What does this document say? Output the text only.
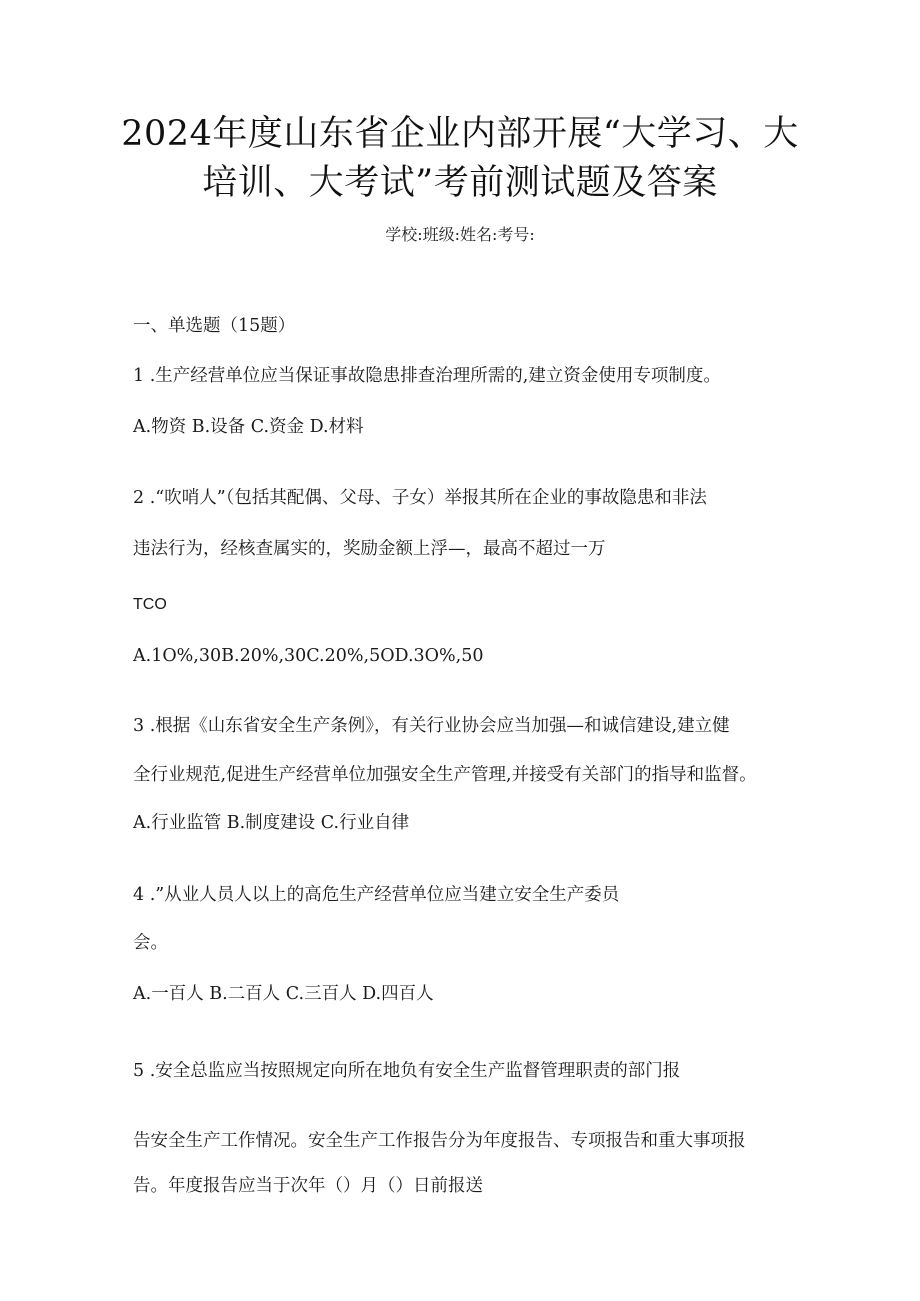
2024年度山东省企业内部开展“大学习、大
培训、大考试”考前测试题及答案
学校:班级:姓名:考号:
一、单选题（15题）
1 .生产经营单位应当保证事故隐患排查治理所需的,建立资金使用专项制度。
A.物资 B.设备 C.资金 D.材料
2 .“吹哨人”（包括其配偶、父母、子女）举报其所在企业的事故隐患和非法
违法行为，经核查属实的，奖励金额上浮—，最高不超过一万
TCO
A.1O%,30B.20%,30C.20%,5OD.3O%,50
3 .根据《山东省安全生产条例》，有关行业协会应当加强—和诚信建设,建立健
全行业规范,促进生产经营单位加强安全生产管理,并接受有关部门的指导和监督。
A.行业监管 B.制度建设 C.行业自律
4 .”从业人员人以上的高危生产经营单位应当建立安全生产委员
会。
A.一百人 B.二百人 C.三百人 D.四百人
5 .安全总监应当按照规定向所在地负有安全生产监督管理职责的部门报
告安全生产工作情况。安全生产工作报告分为年度报告、专项报告和重大事项报
告。年度报告应当于次年（）月（）日前报送
